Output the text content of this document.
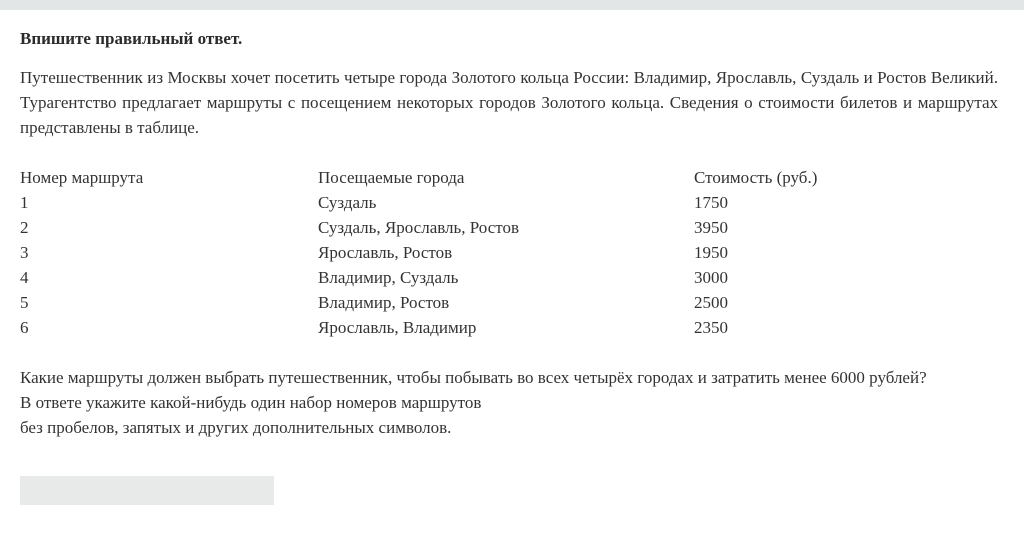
Впишите правильный ответ.

Путешественник из Москвы хочет посетить четыре города Золотого кольца России: Владимир, Ярославль, Суздаль и Ростов Великий. Турагентство предлагает маршруты с посещением некоторых городов Золотого кольца. Сведения о стоимости билетов и маршрутах представлены в таблице.

Номер маршрута	Посещаемые города	Стоимость (руб.)
1	Суздаль	1750
2	Суздаль, Ярославль, Ростов	3950
3	Ярославль, Ростов	1950
4	Владимир, Суздаль	3000
5	Владимир, Ростов	2500
6	Ярославль, Владимир	2350
Какие маршруты должен выбрать путешественник, чтобы побывать во всех четырёх городах и затратить менее 6000 рублей?
В ответе укажите какой-нибудь один набор номеров маршрутов
без пробелов, запятых и других дополнительных символов.
